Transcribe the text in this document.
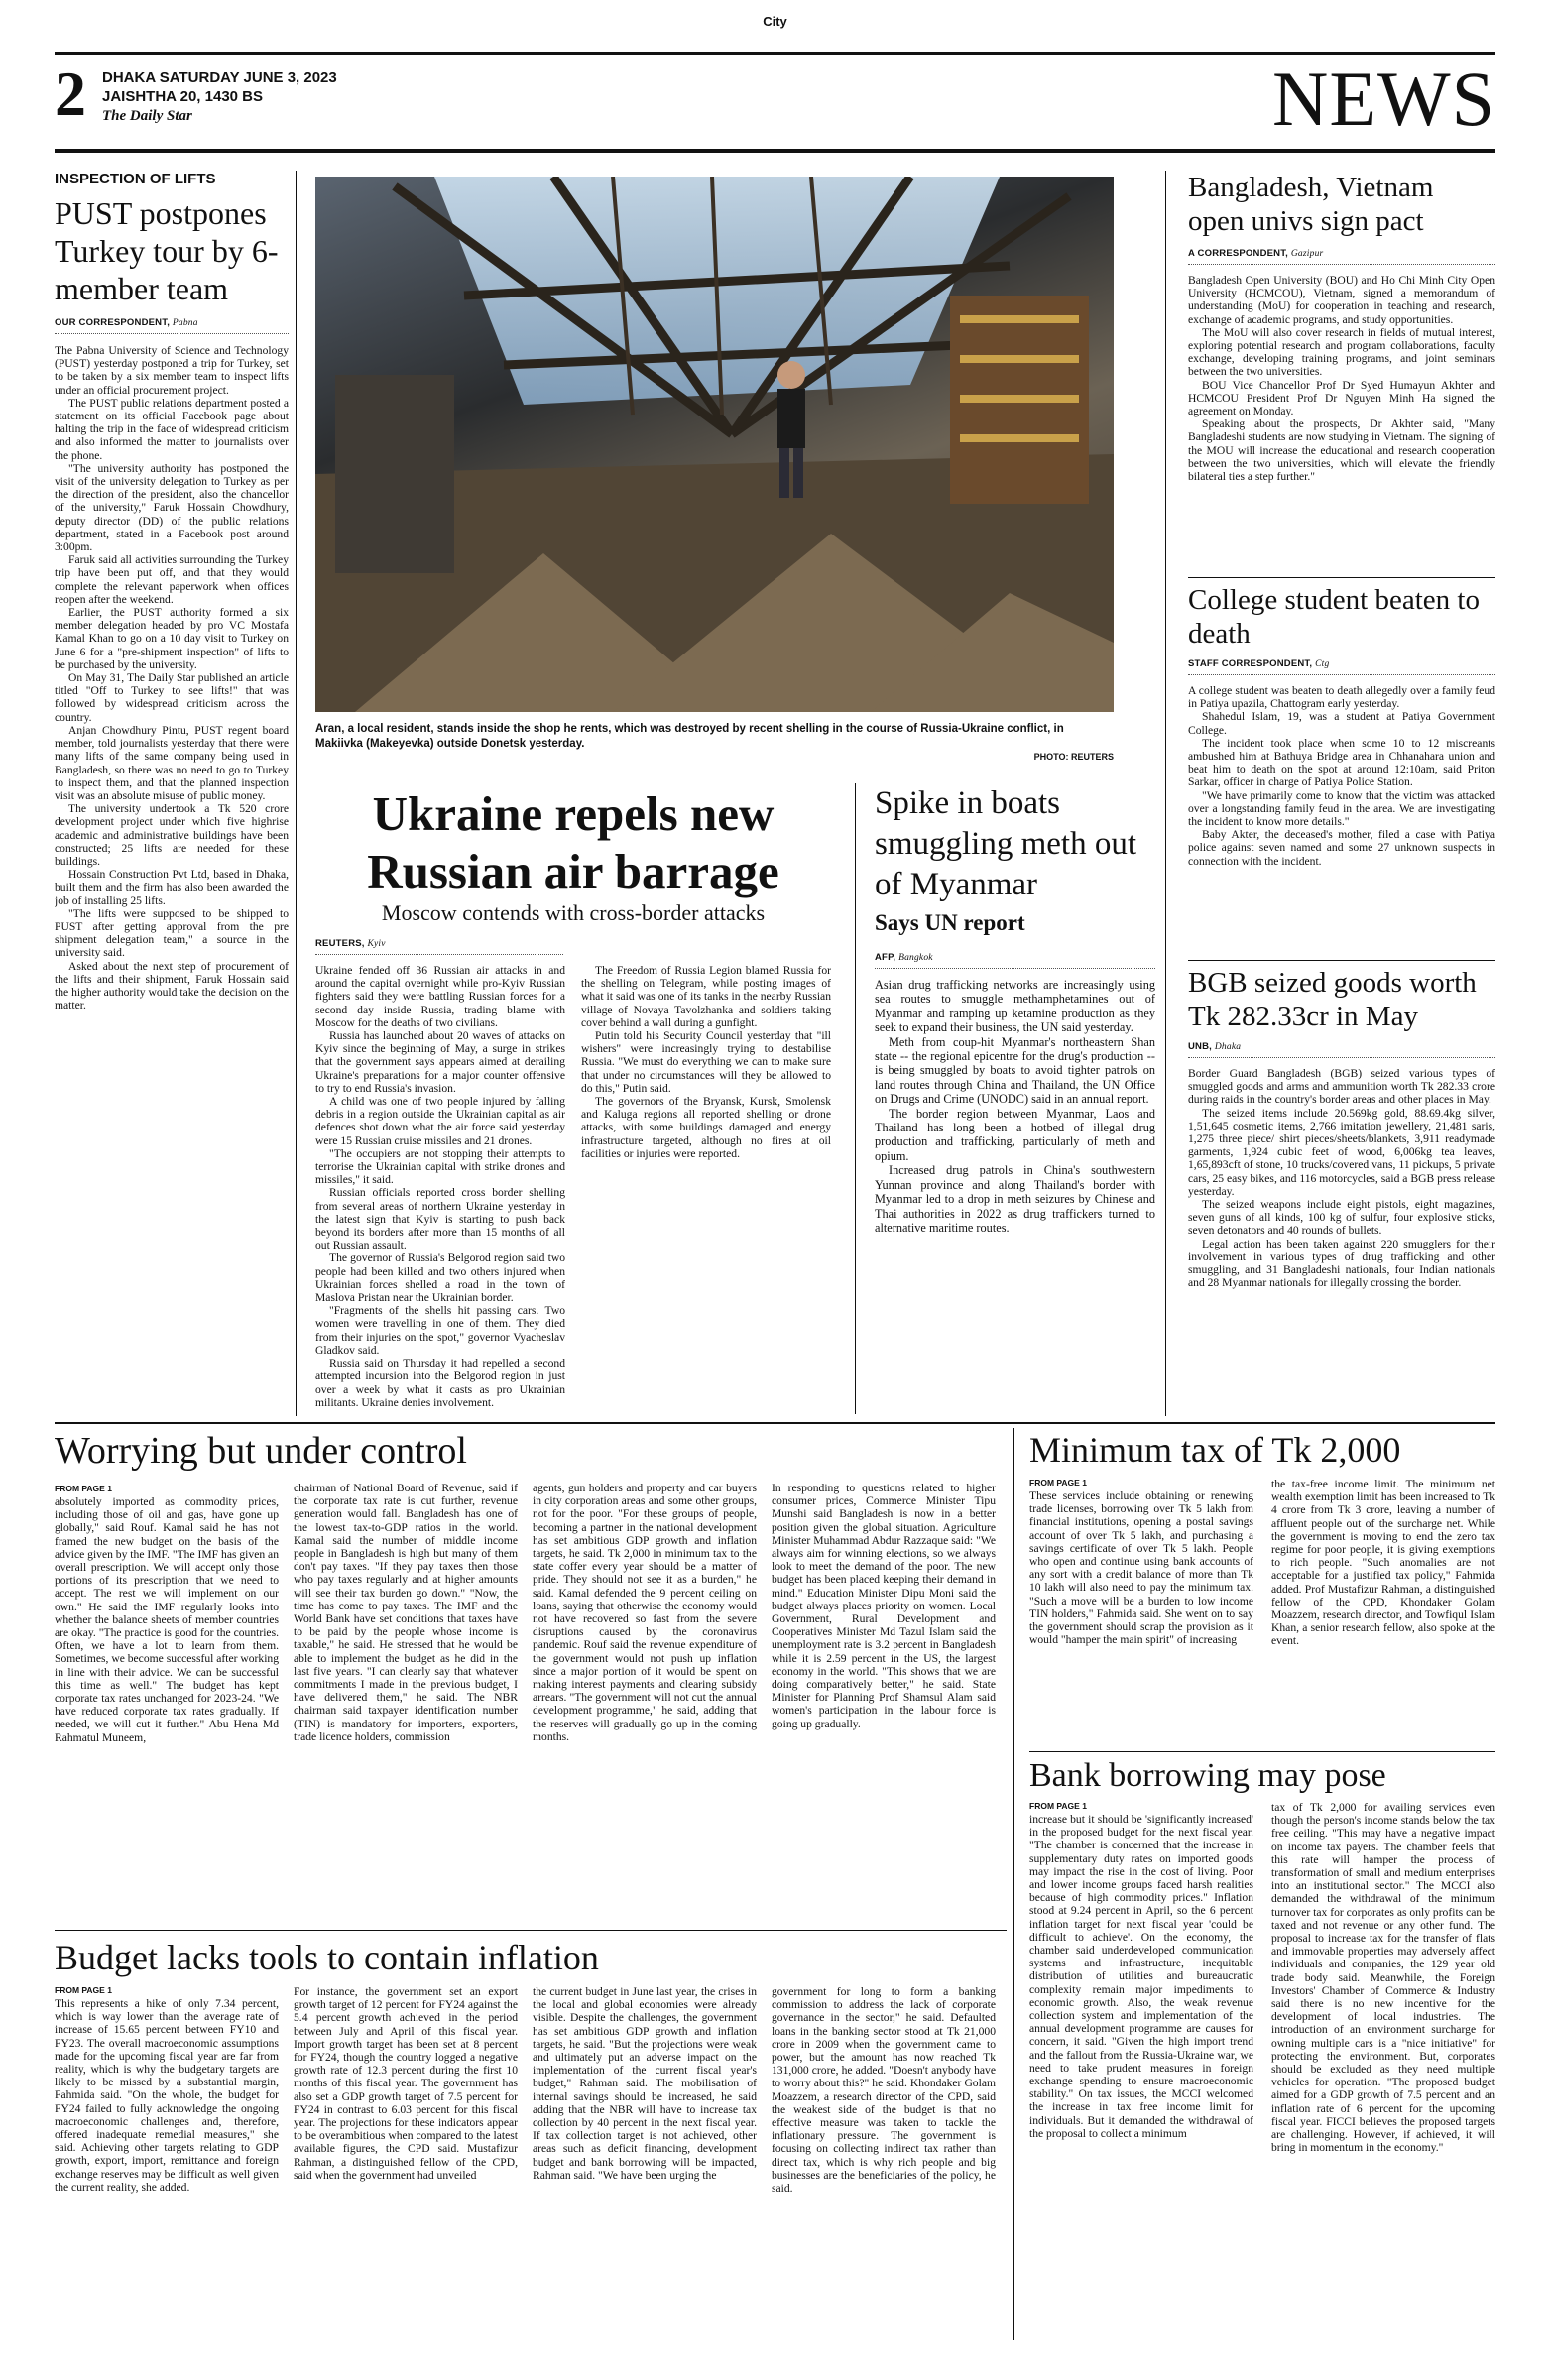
City
2 DHAKA SATURDAY JUNE 3, 2023
JAISHTHA 20, 1430 BS
The Daily Star	NEWS
INSPECTION OF LIFTS
PUST postpones Turkey tour by 6-member team
OUR CORRESPONDENT, Pabna

The Pabna University of Science and Technology (PUST) yesterday postponed a trip for Turkey, set to be taken by a six member team to inspect lifts under an official procurement project.

The PUST public relations department posted a statement on its official Facebook page about halting the trip in the face of widespread criticism and also informed the matter to journalists over the phone.

"The university authority has postponed the visit of the university delegation to Turkey as per the direction of the president, also the chancellor of the university," Faruk Hossain Chowdhury, deputy director (DD) of the public relations department, stated in a Facebook post around 3:00pm.

Faruk said all activities surrounding the Turkey trip have been put off, and that they would complete the relevant paperwork when offices reopen after the weekend.

Earlier, the PUST authority formed a six member delegation headed by pro VC Mostafa Kamal Khan to go on a 10 day visit to Turkey on June 6 for a "pre-shipment inspection" of lifts to be purchased by the university.

On May 31, The Daily Star published an article titled "Off to Turkey to see lifts!" that was followed by widespread criticism across the country.

Anjan Chowdhury Pintu, PUST regent board member, told journalists yesterday that there were many lifts of the same company being used in Bangladesh, so there was no need to go to Turkey to inspect them, and that the planned inspection visit was an absolute misuse of public money.

The university undertook a Tk 520 crore development project under which five highrise academic and administrative buildings have been constructed; 25 lifts are needed for these buildings.

Hossain Construction Pvt Ltd, based in Dhaka, built them and the firm has also been awarded the job of installing 25 lifts.

"The lifts were supposed to be shipped to PUST after getting approval from the pre shipment delegation team," a source in the university said.

Asked about the next step of procurement of the lifts and their shipment, Faruk Hossain said the higher authority would take the decision on the matter.

Aran, a local resident, stands inside the shop he rents, which was destroyed by recent shelling in the course of Russia-Ukraine conflict, in Makiivka (Makeyevka) outside Donetsk yesterday.
PHOTO: REUTERS
Ukraine repels new Russian air barrage
Moscow contends with cross-border attacks
REUTERS, Kyiv

Ukraine fended off 36 Russian air attacks in and around the capital overnight while pro-Kyiv Russian fighters said they were battling Russian forces for a second day inside Russia, trading blame with Moscow for the deaths of two civilians.

Russia has launched about 20 waves of attacks on Kyiv since the beginning of May, a surge in strikes that the government says appears aimed at derailing Ukraine's preparations for a major counter offensive to try to end Russia's invasion.

A child was one of two people injured by falling debris in a region outside the Ukrainian capital as air defences shot down what the air force said yesterday were 15 Russian cruise missiles and 21 drones.

"The occupiers are not stopping their attempts to terrorise the Ukrainian capital with strike drones and missiles," it said.

Russian officials reported cross border shelling from several areas of northern Ukraine yesterday in the latest sign that Kyiv is starting to push back beyond its borders after more than 15 months of all out Russian assault.

The governor of Russia's Belgorod region said two people had been killed and two others injured when Ukrainian forces shelled a road in the town of Maslova Pristan near the Ukrainian border.

"Fragments of the shells hit passing cars. Two women were travelling in one of them. They died from their injuries on the spot," governor Vyacheslav Gladkov said.

Russia said on Thursday it had repelled a second attempted incursion into the Belgorod region in just over a week by what it casts as pro Ukrainian militants. Ukraine denies involvement.

The Freedom of Russia Legion blamed Russia for the shelling on Telegram, while posting images of what it said was one of its tanks in the nearby Russian village of Novaya Tavolzhanka and soldiers taking cover behind a wall during a gunfight.

Putin told his Security Council yesterday that "ill wishers" were increasingly trying to destabilise Russia. "We must do everything we can to make sure that under no circumstances will they be allowed to do this," Putin said.

The governors of the Bryansk, Kursk, Smolensk and Kaluga regions all reported shelling or drone attacks, with some buildings damaged and energy infrastructure targeted, although no fires at oil facilities or injuries were reported.

Spike in boats smuggling meth out of Myanmar
Says UN report
AFP, Bangkok

Asian drug trafficking networks are increasingly using sea routes to smuggle methamphetamines out of Myanmar and ramping up ketamine production as they seek to expand their business, the UN said yesterday.

Meth from coup-hit Myanmar's northeastern Shan state -- the regional epicentre for the drug's production -- is being smuggled by boats to avoid tighter patrols on land routes through China and Thailand, the UN Office on Drugs and Crime (UNODC) said in an annual report.

The border region between Myanmar, Laos and Thailand has long been a hotbed of illegal drug production and trafficking, particularly of meth and opium.

Increased drug patrols in China's southwestern Yunnan province and along Thailand's border with Myanmar led to a drop in meth seizures by Chinese and Thai authorities in 2022 as drug traffickers turned to alternative maritime routes.

Bangladesh, Vietnam open univs sign pact
A CORRESPONDENT, Gazipur

Bangladesh Open University (BOU) and Ho Chi Minh City Open University (HCMCOU), Vietnam, signed a memorandum of understanding (MoU) for cooperation in teaching and research, exchange of academic programs, and study opportunities.

The MoU will also cover research in fields of mutual interest, exploring potential research and program collaborations, faculty exchange, developing training programs, and joint seminars between the two universities.

BOU Vice Chancellor Prof Dr Syed Humayun Akhter and HCMCOU President Prof Dr Nguyen Minh Ha signed the agreement on Monday.

Speaking about the prospects, Dr Akhter said, "Many Bangladeshi students are now studying in Vietnam. The signing of the MOU will increase the educational and research cooperation between the two universities, which will elevate the friendly bilateral ties a step further."

College student beaten to death
STAFF CORRESPONDENT, Ctg

A college student was beaten to death allegedly over a family feud in Patiya upazila, Chattogram early yesterday.

Shahedul Islam, 19, was a student at Patiya Government College.

The incident took place when some 10 to 12 miscreants ambushed him at Bathuya Bridge area in Chhanahara union and beat him to death on the spot at around 12:10am, said Priton Sarkar, officer in charge of Patiya Police Station.

"We have primarily come to know that the victim was attacked over a longstanding family feud in the area. We are investigating the incident to know more details."

Baby Akter, the deceased's mother, filed a case with Patiya police against seven named and some 27 unknown suspects in connection with the incident.

BGB seized goods worth Tk 282.33cr in May
UNB, Dhaka

Border Guard Bangladesh (BGB) seized various types of smuggled goods and arms and ammunition worth Tk 282.33 crore during raids in the country's border areas and other places in May.

The seized items include 20.569kg gold, 88.69.4kg silver, 1,51,645 cosmetic items, 2,766 imitation jewellery, 21,481 saris, 1,275 three piece/ shirt pieces/sheets/blankets, 3,911 readymade garments, 1,924 cubic feet of wood, 6,006kg tea leaves, 1,65,893cft of stone, 10 trucks/covered vans, 11 pickups, 5 private cars, 25 easy bikes, and 116 motorcycles, said a BGB press release yesterday.

The seized weapons include eight pistols, eight magazines, seven guns of all kinds, 100 kg of sulfur, four explosive sticks, seven detonators and 40 rounds of bullets.

Legal action has been taken against 220 smugglers for their involvement in various types of drug trafficking and other smuggling, and 31 Bangladeshi nationals, four Indian nationals and 28 Myanmar nationals for illegally crossing the border.

Worrying but under control
FROM PAGE 1
absolutely imported as commodity prices, including those of oil and gas, have gone up globally," said Rouf. Kamal said he has not framed the new budget on the basis of the advice given by the IMF. "The IMF has given an overall prescription. We will accept only those portions of its prescription that we need to accept. The rest we will implement on our own." He said the IMF regularly looks into whether the balance sheets of member countries are okay. "The practice is good for the countries. Often, we have a lot to learn from them. Sometimes, we become successful after working in line with their advice. We can be successful this time as well." The budget has kept corporate tax rates unchanged for 2023-24. "We have reduced corporate tax rates gradually. If needed, we will cut it further." Abu Hena Md Rahmatul Muneem,
chairman of National Board of Revenue, said if the corporate tax rate is cut further, revenue generation would fall. Bangladesh has one of the lowest tax-to-GDP ratios in the world. Kamal said the number of middle income people in Bangladesh is high but many of them don't pay taxes. "If they pay taxes then those who pay taxes regularly and at higher amounts will see their tax burden go down." "Now, the time has come to pay taxes. The IMF and the World Bank have set conditions that taxes have to be paid by the people whose income is taxable," he said. He stressed that he would be able to implement the budget as he did in the last five years. "I can clearly say that whatever commitments I made in the previous budget, I have delivered them," he said. The NBR chairman said taxpayer identification number (TIN) is mandatory for importers, exporters, trade licence holders, commission
agents, gun holders and property and car buyers in city corporation areas and some other groups, not for the poor. "For these groups of people, becoming a partner in the national development has set ambitious GDP growth and inflation targets, he said. Tk 2,000 in minimum tax to the state coffer every year should be a matter of pride. They should not see it as a burden," he said. Kamal defended the 9 percent ceiling on loans, saying that otherwise the economy would not have recovered so fast from the severe disruptions caused by the coronavirus pandemic. Rouf said the revenue expenditure of the government would not push up inflation since a major portion of it would be spent on making interest payments and clearing subsidy arrears. "The government will not cut the annual development programme," he said, adding that the reserves will gradually go up in the coming months.
In responding to questions related to higher consumer prices, Commerce Minister Tipu Munshi said Bangladesh is now in a better position given the global situation. Agriculture Minister Muhammad Abdur Razzaque said: "We always aim for winning elections, so we always look to meet the demand of the poor. The new budget has been placed keeping their demand in mind." Education Minister Dipu Moni said the budget always places priority on women. Local Government, Rural Development and Cooperatives Minister Md Tazul Islam said the unemployment rate is 3.2 percent in Bangladesh while it is 2.59 percent in the US, the largest economy in the world. "This shows that we are doing comparatively better," he said. State Minister for Planning Prof Shamsul Alam said women's participation in the labour force is going up gradually.
Minimum tax of Tk 2,000
FROM PAGE 1
These services include obtaining or renewing trade licenses, borrowing over Tk 5 lakh from financial institutions, opening a postal savings account of over Tk 5 lakh, and purchasing a savings certificate of over Tk 5 lakh. People who open and continue using bank accounts of any sort with a credit balance of more than Tk 10 lakh will also need to pay the minimum tax. "Such a move will be a burden to low income TIN holders," Fahmida said. She went on to say the government should scrap the provision as it would "hamper the main spirit" of increasing
the tax-free income limit. The minimum net wealth exemption limit has been increased to Tk 4 crore from Tk 3 crore, leaving a number of affluent people out of the surcharge net. While the government is moving to end the zero tax regime for poor people, it is giving exemptions to rich people. "Such anomalies are not acceptable for a justified tax policy," Fahmida added. Prof Mustafizur Rahman, a distinguished fellow of the CPD, Khondaker Golam Moazzem, research director, and Towfiqul Islam Khan, a senior research fellow, also spoke at the event.
Bank borrowing may pose
FROM PAGE 1
increase but it should be 'significantly increased' in the proposed budget for the next fiscal year. "The chamber is concerned that the increase in supplementary duty rates on imported goods may impact the rise in the cost of living. Poor and lower income groups faced harsh realities because of high commodity prices." Inflation stood at 9.24 percent in April, so the 6 percent inflation target for next fiscal year 'could be difficult to achieve'. On the economy, the chamber said underdeveloped communication systems and infrastructure, inequitable distribution of utilities and bureaucratic complexity remain major impediments to economic growth. Also, the weak revenue collection system and implementation of the annual development programme are causes for concern, it said. "Given the high import trend and the fallout from the Russia-Ukraine war, we need to take prudent measures in foreign exchange spending to ensure macroeconomic stability." On tax issues, the MCCI welcomed the increase in tax free income limit for individuals. But it demanded the withdrawal of the proposal to collect a minimum
tax of Tk 2,000 for availing services even though the person's income stands below the tax free ceiling. "This may have a negative impact on income tax payers. The chamber feels that this rate will hamper the process of transformation of small and medium enterprises into an institutional sector." The MCCI also demanded the withdrawal of the minimum turnover tax for corporates as only profits can be taxed and not revenue or any other fund. The proposal to increase tax for the transfer of flats and immovable properties may adversely affect individuals and companies, the 129 year old trade body said. Meanwhile, the Foreign Investors' Chamber of Commerce & Industry said there is no new incentive for the development of local industries. The introduction of an environment surcharge for owning multiple cars is a "nice initiative" for protecting the environment. But, corporates should be excluded as they need multiple vehicles for operation. "The proposed budget aimed for a GDP growth of 7.5 percent and an inflation rate of 6 percent for the upcoming fiscal year. FICCI believes the proposed targets are challenging. However, if achieved, it will bring in momentum in the economy."
Budget lacks tools to contain inflation
FROM PAGE 1
This represents a hike of only 7.34 percent, which is way lower than the average rate of increase of 15.65 percent between FY10 and FY23. The overall macroeconomic assumptions made for the upcoming fiscal year are far from reality, which is why the budgetary targets are likely to be missed by a substantial margin, Fahmida said. "On the whole, the budget for FY24 failed to fully acknowledge the ongoing macroeconomic challenges and, therefore, offered inadequate remedial measures," she said. Achieving other targets relating to GDP growth, export, import, remittance and foreign exchange reserves may be difficult as well given the current reality, she added.
For instance, the government set an export growth target of 12 percent for FY24 against the 5.4 percent growth achieved in the period between July and April of this fiscal year. Import growth target has been set at 8 percent for FY24, though the country logged a negative growth rate of 12.3 percent during the first 10 months of this fiscal year. The government has also set a GDP growth target of 7.5 percent for FY24 in contrast to 6.03 percent for this fiscal year. The projections for these indicators appear to be overambitious when compared to the latest available figures, the CPD said. Mustafizur Rahman, a distinguished fellow of the CPD, said when the government had unveiled
the current budget in June last year, the crises in the local and global economies were already visible. Despite the challenges, the government has set ambitious GDP growth and inflation targets, he said. "But the projections were weak and ultimately put an adverse impact on the implementation of the current fiscal year's budget," Rahman said. The mobilisation of internal savings should be increased, he said adding that the NBR will have to increase tax collection by 40 percent in the next fiscal year. If tax collection target is not achieved, other areas such as deficit financing, development budget and bank borrowing will be impacted, Rahman said. "We have been urging the
government for long to form a banking commission to address the lack of corporate governance in the sector," he said. Defaulted loans in the banking sector stood at Tk 21,000 crore in 2009 when the government came to power, but the amount has now reached Tk 131,000 crore, he added. "Doesn't anybody have to worry about this?" he said. Khondaker Golam Moazzem, a research director of the CPD, said the weakest side of the budget is that no effective measure was taken to tackle the inflationary pressure. The government is focusing on collecting indirect tax rather than direct tax, which is why rich people and big businesses are the beneficiaries of the policy, he said.
